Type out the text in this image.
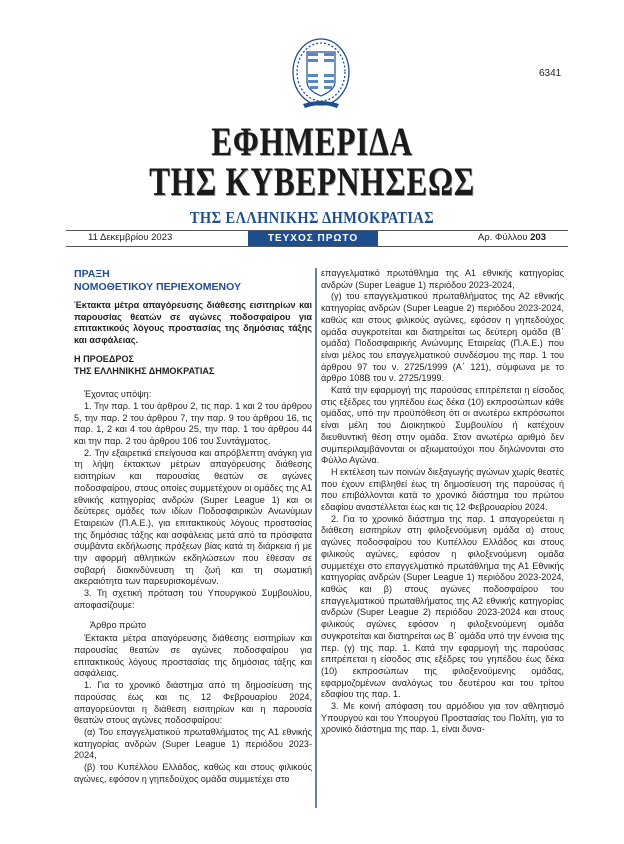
6341
ΕΦΗΜΕΡΙΔΑ
ΤΗΣ ΚΥΒΕΡΝΗΣΕΩΣ
ΤΗΣ ΕΛΛΗΝΙΚΗΣ ΔΗΜΟΚΡΑΤΙΑΣ
11 Δεκεμβρίου 2023	ΤΕΥΧΟΣ ΠΡΩΤΟ	Αρ. Φύλλου 203
ΠΡΑΞΗ
ΝΟΜΟΘΕΤΙΚΟΥ ΠΕΡΙΕΧΟΜΕΝΟΥ
Έκτακτα μέτρα απαγόρευσης διάθεσης εισιτηρίων και παρουσίας θεατών σε αγώνες ποδοσφαίρου για επιτακτικούς λόγους προστασίας της δημόσιας τάξης και ασφάλειας.
Η ΠΡΟΕΔΡΟΣ
ΤΗΣ ΕΛΛΗΝΙΚΗΣ ΔΗΜΟΚΡΑΤΙΑΣ

Έχοντας υπόψη:

1. Την παρ. 1 του άρθρου 2, τις παρ. 1 και 2 του άρθρου 5, την παρ. 2 του άρθρου 7, την παρ. 9 του άρθρου 16, τις παρ. 1, 2 και 4 του άρθρου 25, την παρ. 1 του άρθρου 44 και την παρ. 2 του άρθρου 106 του Συντάγματος.

2. Την εξαιρετικά επείγουσα και απρόβλεπτη ανάγκη για τη λήψη έκτακτων μέτρων απαγόρευσης διάθεσης εισιτηρίων και παρουσίας θεατών σε αγώνες ποδοσφαίρου, στους οποίες συμμετέχουν οι ομάδες της Α1 εθνικής κατηγορίας ανδρών (Super League 1) και οι δεύτερες ομάδες των ιδίων Ποδοσφαιρικών Ανωνύμων Εταιρειών (Π.Α.Ε.), για επιτακτικούς λόγους προστασίας της δημόσιας τάξης και ασφάλειας μετά από τα πρόσφατα συμβάντα εκδήλωσης πράξεων βίας κατά τη διάρκεια ή με την αφορμή αθλητικών εκδηλώσεων που έθεσαν σε σοβαρή διακινδύνευση τη ζωή και τη σωματική ακεραιότητα των παρευρισκομένων.

3. Τη σχετική πρόταση του Υπουργικού Συμβουλίου, αποφασίζουμε:

Άρθρο πρώτο

Έκτακτα μέτρα απαγόρευσης διάθεσης εισιτηρίων και παρουσίας θεατών σε αγώνες ποδοσφαίρου για επιτακτικούς λόγους προστασίας της δημόσιας τάξης και ασφάλειας.

1. Για το χρονικό διάστημα από τη δημοσίευση της παρούσας έως και τις 12 Φεβρουαρίου 2024, απαγορεύονται η διάθεση εισιτηρίων και η παρουσία θεατών στους αγώνες ποδοσφαίρου:

(α) Του επαγγελματικού πρωταθλήματος της Α1 εθνικής κατηγορίας ανδρών (Super League 1) περιόδου 2023-2024,

(β) του Κυπέλλου Ελλάδος, καθώς και στους φιλικούς αγώνες, εφόσον η γηπεδούχος ομάδα συμμετέχει στο

επαγγελματικό πρωτάθλημα της Α1 εθνικής κατηγορίας ανδρών (Super League 1) περιόδου 2023-2024,

(γ) του επαγγελματικού πρωταθλήματος της Α2 εθνικής κατηγορίας ανδρών (Super League 2) περιόδου 2023-2024, καθώς και στους φιλικούς αγώνες, εφόσον η γηπεδούχος ομάδα συγκροτείται και διατηρείται ως δεύτερη ομάδα (Β΄ ομάδα) Ποδοσφαιρικής Ανώνυμης Εταιρείας (Π.Α.Ε.) που είναι μέλος του επαγγελματικού συνδέσμου της παρ. 1 του άρθρου 97 του ν. 2725/1999 (Α΄ 121), σύμφωνα με το άρθρο 108Β του ν. 2725/1999.

Κατά την εφαρμογή της παρούσας επιτρέπεται η είσοδος στις εξέδρες του γηπέδου έως δέκα (10) εκπροσώπων κάθε ομάδας, υπό την προϋπόθεση ότι οι ανωτέρω εκπρόσωποι είναι μέλη του Διοικητικού Συμβουλίου ή κατέχουν διευθυντική θέση στην ομάδα. Στον ανωτέρω αριθμό δεν συμπεριλαμβάνονται οι αξιωματούχοι που δηλώνονται στο Φύλλο Αγώνα.

Η εκτέλεση των ποινών διεξαγωγής αγώνων χωρίς θεατές που έχουν επιβληθεί έως τη δημοσίευση της παρούσας ή που επιβάλλονται κατά το χρονικό διάστημα του πρώτου εδαφίου αναστέλλεται έως και τις 12 Φεβρουαρίου 2024.

2. Για το χρονικό διάστημα της παρ. 1 απαγορεύεται η διάθεση εισιτηρίων στη φιλοξενούμενη ομάδα α) στους αγώνες ποδοσφαίρου του Κυπέλλου Ελλάδος και στους φιλικούς αγώνες, εφόσον η φιλοξενούμενη ομάδα συμμετέχει στο επαγγελματικό πρωτάθλημα της Α1 Εθνικής κατηγορίας ανδρών (Super League 1) περιόδου 2023-2024, καθώς και β) στους αγώνες ποδοσφαίρου του επαγγελματικού πρωταθλήματος της Α2 εθνικής κατηγορίας ανδρών (Super League 2) περιόδου 2023-2024 και στους φιλικούς αγώνες εφόσον η φιλοξενούμενη ομάδα συγκροτείται και διατηρείται ως Β΄ ομάδα υπό την έννοια της περ. (γ) της παρ. 1. Κατά την εφαρμογή της παρούσας επιτρέπεται η είσοδος στις εξέδρες του γηπέδου έως δέκα (10) εκπροσώπων της φιλοξενούμενης ομάδας, εφαρμοζομένων αναλόγως του δευτέρου και του τρίτου εδαφίου της παρ. 1.

3. Με κοινή απόφαση του αρμόδιου για τον αθλητισμό Υπουργού και του Υπουργού Προστασίας του Πολίτη, για το χρονικό διάστημα της παρ. 1, είναι δυνα-
